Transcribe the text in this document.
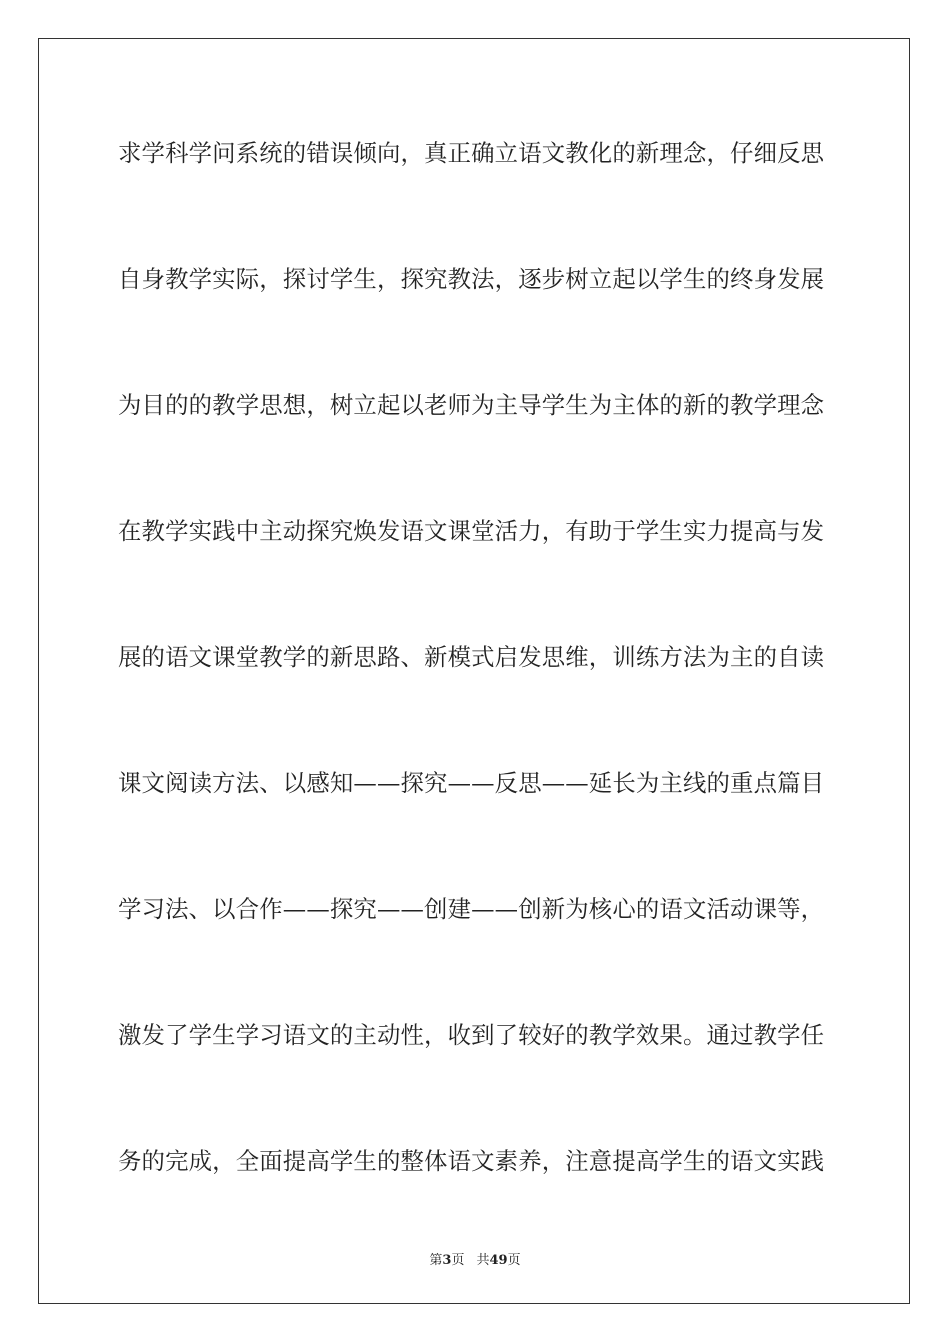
求学科学问系统的错误倾向，真正确立语文教化的新理念，仔细反思
自身教学实际，探讨学生，探究教法，逐步树立起以学生的终身发展
为目的的教学思想，树立起以老师为主导学生为主体的新的教学理念
在教学实践中主动探究焕发语文课堂活力，有助于学生实力提高与发
展的语文课堂教学的新思路、新模式启发思维，训练方法为主的自读
课文阅读方法、以感知——探究——反思——延长为主线的重点篇目
学习法、以合作——探究——创建——创新为核心的语文活动课等，
激发了学生学习语文的主动性，收到了较好的教学效果。通过教学任
务的完成，全面提高学生的整体语文素养，注意提高学生的语文实践
第3页 共49页
